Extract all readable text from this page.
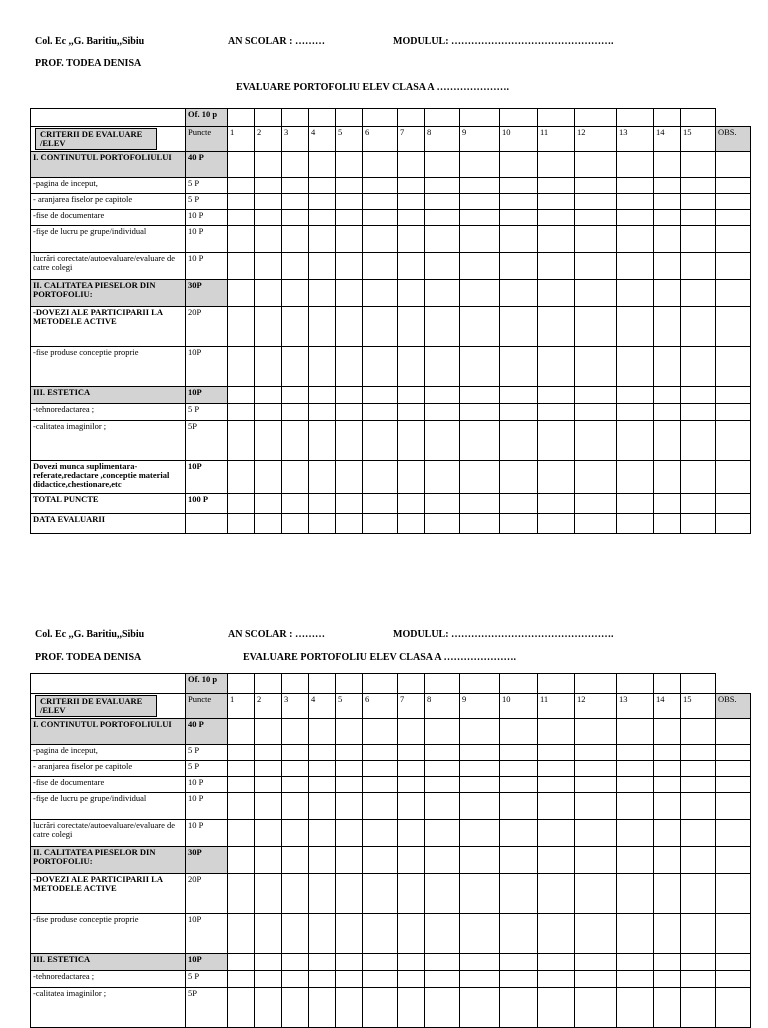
Col. Ec ,,G. Baritiu,,Sibiu	AN SCOLAR : ………	MODULUL: ………………………………………….
PROF. TODEA DENISA
EVALUARE PORTOFOLIU ELEV CLASA A ………………….
	Of. 10 p																
CRITERII DE EVALUARE /ELEV	Puncte	1	2	3	4	5	6	7	8	9	10	11	12	13	14	15	OBS.
I. CONTINUTUL PORTOFOLIULUI	40 P																
-pagina de inceput,	5 P																
- aranjarea fiselor pe capitole	5 P																
-fise de documentare	10 P																
-fişe de lucru pe grupe/individual	10 P																
lucrări corectate/autoevaluare/evaluare de catre colegi	10 P																
II. CALITATEA PIESELOR DIN PORTOFOLIU:	30P																
-DOVEZI ALE PARTICIPARII LA METODELE ACTIVE	20P																
-fise produse conceptie proprie	10P																
III. ESTETICA	10P																
-tehnoredactarea ;	5 P																
-calitatea imaginilor ;	5P																
Dovezi munca suplimentara- referate,redactare ,conceptie material didactice,chestionare,etc	10P																
TOTAL PUNCTE	100 P																
DATA EVALUARII																	
Col. Ec ,,G. Baritiu,,Sibiu	AN SCOLAR : ………	MODULUL: ………………………………………….
PROF. TODEA DENISA	EVALUARE PORTOFOLIU ELEV CLASA A ………………….
	Of. 10 p																
CRITERII DE EVALUARE /ELEV	Puncte	1	2	3	4	5	6	7	8	9	10	11	12	13	14	15	OBS.
I. CONTINUTUL PORTOFOLIULUI	40 P																
-pagina de inceput,	5 P																
- aranjarea fiselor pe capitole	5 P																
-fise de documentare	10 P																
-fişe de lucru pe grupe/individual	10 P																
lucrări corectate/autoevaluare/evaluare de catre colegi	10 P																
II. CALITATEA PIESELOR DIN PORTOFOLIU:	30P																
-DOVEZI ALE PARTICIPARII LA METODELE ACTIVE	20P																
-fise produse conceptie proprie	10P																
III. ESTETICA	10P																
-tehnoredactarea ;	5 P																
-calitatea imaginilor ;	5P																
